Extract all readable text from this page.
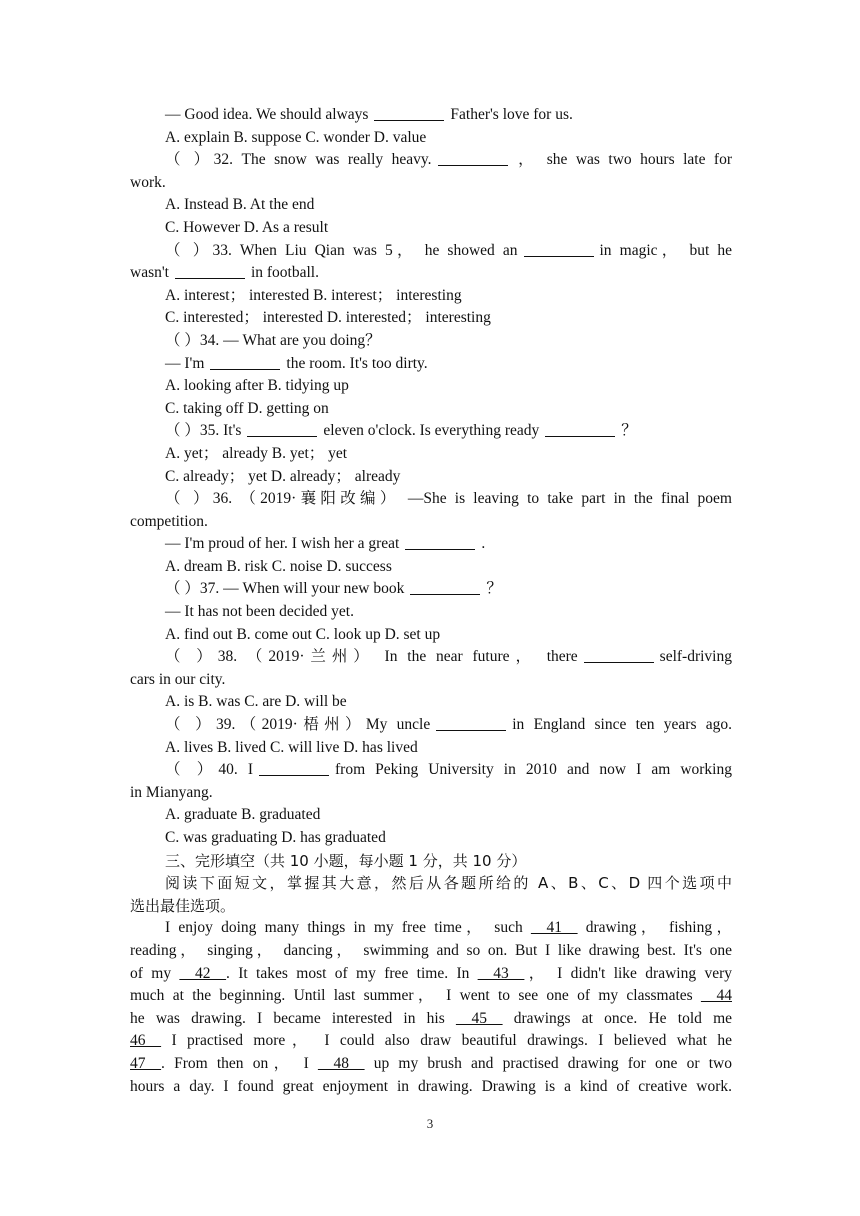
— Good idea. We should always	Father's love for us.

A. explain B. suppose C. wonder D. value

（ ）32. The snow was really heavy.	， she was two hours late for

work.

A. Instead B. At the end

C. However D. As a result

（ ）33. When Liu Qian was 5， he showed an	in magic， but he

wasn't	in football.

A. interest； interested B. interest； interesting

C. interested； interested D. interested； interesting

（ ）34. — What are you doing？

— I'm	the room. It's too dirty.

A. looking after B. tidying up

C. taking off D. getting on

（ ）35. It's	eleven o'clock. Is everything ready	？

A. yet； already B. yet； yet

C. already； yet D. already； already

（ ）36. （2019·襄阳改编） —She is leaving to take part in the final poem

competition.

— I'm proud of her. I wish her a great	.

A. dream B. risk C. noise D. success

（ ）37. — When will your new book	？

— It has not been decided yet.

A. find out B. come out C. look up D. set up

（ ）38. （2019·兰州） In the near future， there	self-driving

cars in our city.

A. is B. was C. are D. will be

（ ）39.（2019·梧州）My uncle	in England since ten years ago.

A. lives B. lived C. will live D. has lived

（ ）40. I	from Peking University in 2010 and now I am working

in Mianyang.

A. graduate B. graduated

C. was graduating D. has graduated

三、完形填空（共 10 小题，每小题 1 分，共 10 分）

阅读下面短文，掌握其大意，然后从各题所给的 A、B、C、D 四个选项中

选出最佳选项。

I enjoy doing many things in my free time， such __41__ drawing， fishing，

reading， singing， dancing， swimming and so on. But I like drawing best. It's one

of my __42__. It takes most of my free time. In __43__， I didn't like drawing very

much at the beginning. Until last summer， I went to see one of my classmates __44

he was drawing. I became interested in his __45__ drawings at once. He told me

46__ I practised more， I could also draw beautiful drawings. I believed what he

47__. From then on， I __48__ up my brush and practised drawing for one or two

hours a day. I found great enjoyment in drawing. Drawing is a kind of creative work.

3
